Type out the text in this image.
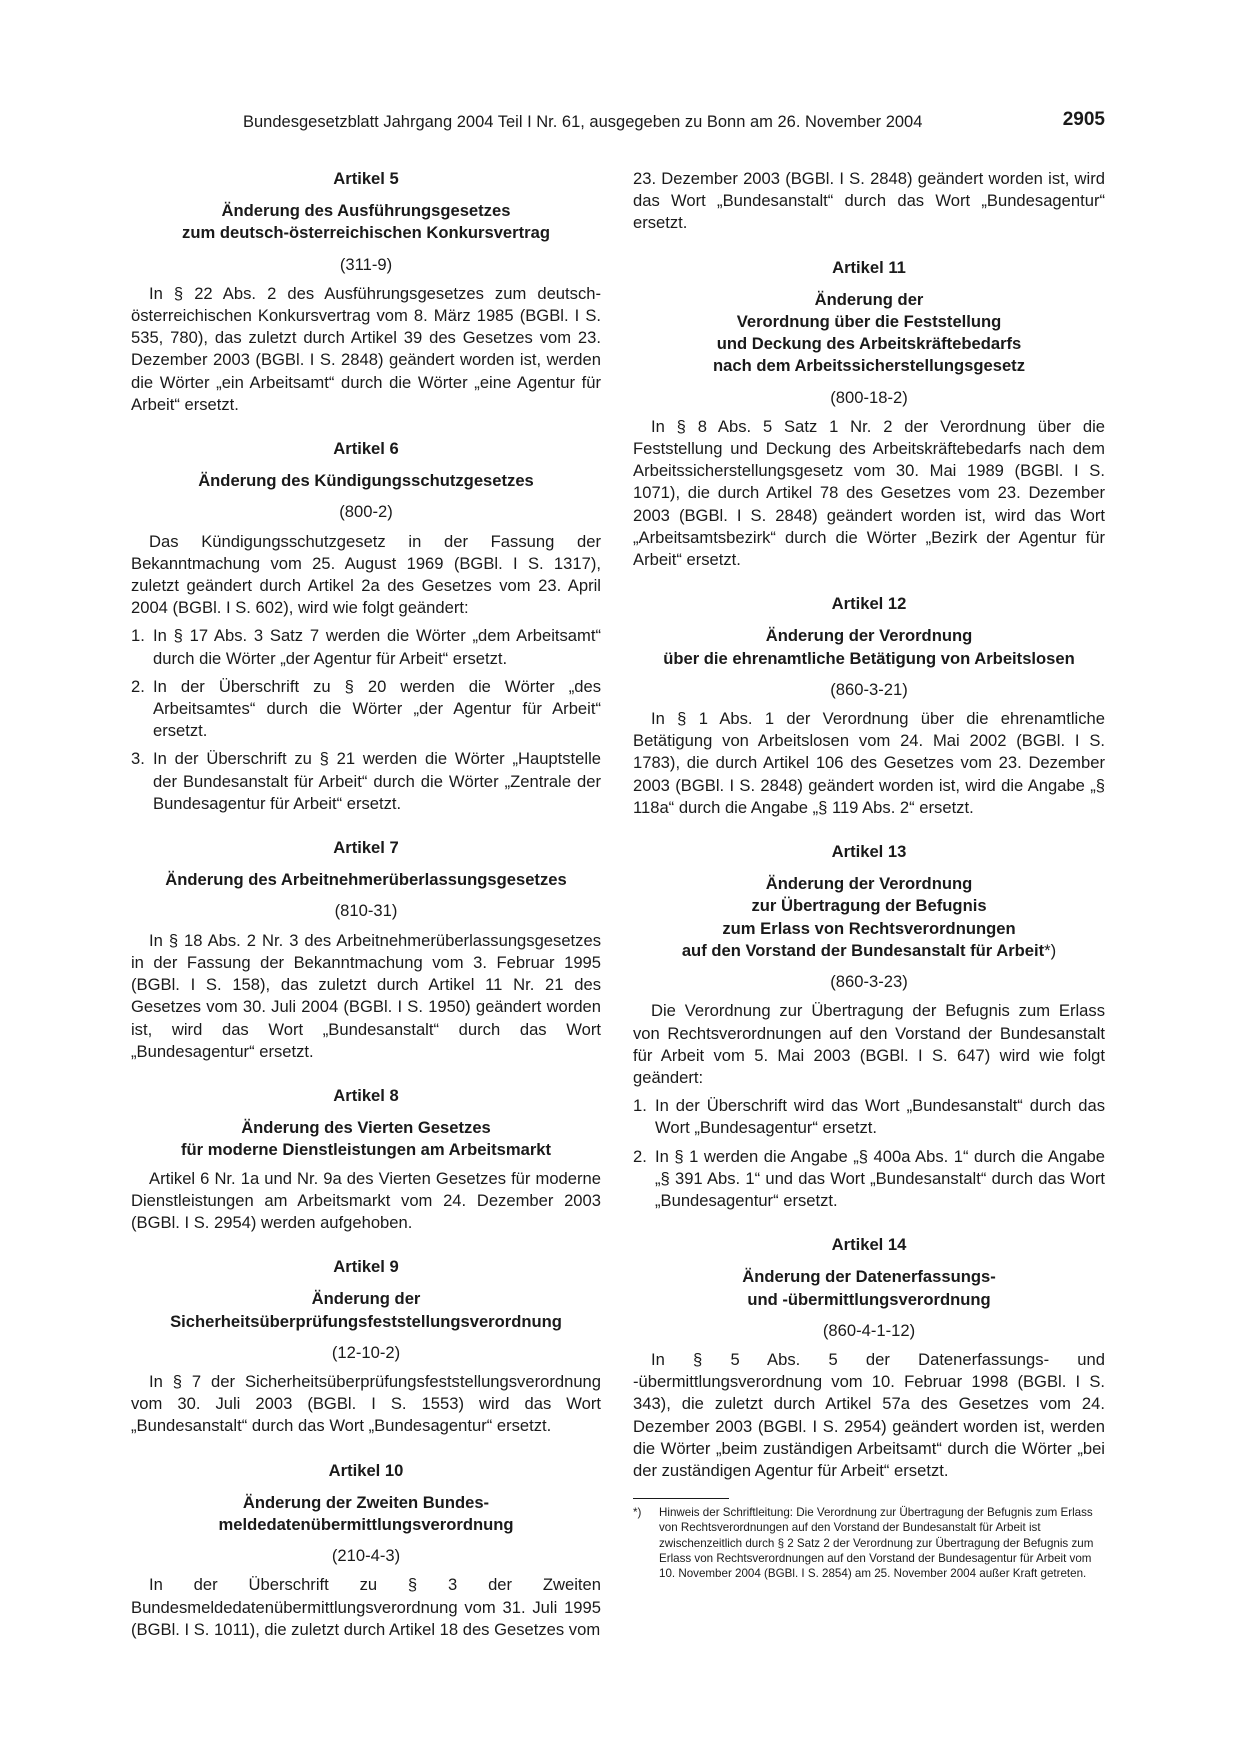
Bundesgesetzblatt Jahrgang 2004 Teil I Nr. 61, ausgegeben zu Bonn am 26. November 2004	2905
Artikel 5
Änderung des Ausführungsgesetzes
zum deutsch-österreichischen Konkursvertrag
(311-9)
In § 22 Abs. 2 des Ausführungsgesetzes zum deutsch-österreichischen Konkursvertrag vom 8. März 1985 (BGBl. I S. 535, 780), das zuletzt durch Artikel 39 des Gesetzes vom 23. Dezember 2003 (BGBl. I S. 2848) geändert worden ist, werden die Wörter „ein Arbeitsamt“ durch die Wörter „eine Agentur für Arbeit“ ersetzt.
Artikel 6
Änderung des Kündigungsschutzgesetzes
(800-2)
Das Kündigungsschutzgesetz in der Fassung der Bekanntmachung vom 25. August 1969 (BGBl. I S. 1317), zuletzt geändert durch Artikel 2a des Gesetzes vom 23. April 2004 (BGBl. I S. 602), wird wie folgt geändert:
1. In § 17 Abs. 3 Satz 7 werden die Wörter „dem Arbeitsamt“ durch die Wörter „der Agentur für Arbeit“ ersetzt.
2. In der Überschrift zu § 20 werden die Wörter „des Arbeitsamtes“ durch die Wörter „der Agentur für Arbeit“ ersetzt.
3. In der Überschrift zu § 21 werden die Wörter „Hauptstelle der Bundesanstalt für Arbeit“ durch die Wörter „Zentrale der Bundesagentur für Arbeit“ ersetzt.
Artikel 7
Änderung des Arbeitnehmerüberlassungsgesetzes
(810-31)
In § 18 Abs. 2 Nr. 3 des Arbeitnehmerüberlassungsgesetzes in der Fassung der Bekanntmachung vom 3. Februar 1995 (BGBl. I S. 158), das zuletzt durch Artikel 11 Nr. 21 des Gesetzes vom 30. Juli 2004 (BGBl. I S. 1950) geändert worden ist, wird das Wort „Bundesanstalt“ durch das Wort „Bundesagentur“ ersetzt.
Artikel 8
Änderung des Vierten Gesetzes
für moderne Dienstleistungen am Arbeitsmarkt
Artikel 6 Nr. 1a und Nr. 9a des Vierten Gesetzes für moderne Dienstleistungen am Arbeitsmarkt vom 24. Dezember 2003 (BGBl. I S. 2954) werden aufgehoben.
Artikel 9
Änderung der
Sicherheitsüberprüfungsfeststellungsverordnung
(12-10-2)
In § 7 der Sicherheitsüberprüfungsfeststellungsverordnung vom 30. Juli 2003 (BGBl. I S. 1553) wird das Wort „Bundesanstalt“ durch das Wort „Bundesagentur“ ersetzt.
Artikel 10
Änderung der Zweiten Bundes-
meldedatenübermittlungsverordnung
(210-4-3)
In der Überschrift zu § 3 der Zweiten Bundesmeldedatenübermittlungsverordnung vom 31. Juli 1995 (BGBl. I S. 1011), die zuletzt durch Artikel 18 des Gesetzes vom
23. Dezember 2003 (BGBl. I S. 2848) geändert worden ist, wird das Wort „Bundesanstalt“ durch das Wort „Bundesagentur“ ersetzt.
Artikel 11
Änderung der
Verordnung über die Feststellung
und Deckung des Arbeitskräftebedarfs
nach dem Arbeitssicherstellungsgesetz
(800-18-2)
In § 8 Abs. 5 Satz 1 Nr. 2 der Verordnung über die Feststellung und Deckung des Arbeitskräftebedarfs nach dem Arbeitssicherstellungsgesetz vom 30. Mai 1989 (BGBl. I S. 1071), die durch Artikel 78 des Gesetzes vom 23. Dezember 2003 (BGBl. I S. 2848) geändert worden ist, wird das Wort „Arbeitsamtsbezirk“ durch die Wörter „Bezirk der Agentur für Arbeit“ ersetzt.
Artikel 12
Änderung der Verordnung
über die ehrenamtliche Betätigung von Arbeitslosen
(860-3-21)
In § 1 Abs. 1 der Verordnung über die ehrenamtliche Betätigung von Arbeitslosen vom 24. Mai 2002 (BGBl. I S. 1783), die durch Artikel 106 des Gesetzes vom 23. Dezember 2003 (BGBl. I S. 2848) geändert worden ist, wird die Angabe „§ 118a“ durch die Angabe „§ 119 Abs. 2“ ersetzt.
Artikel 13
Änderung der Verordnung
zur Übertragung der Befugnis
zum Erlass von Rechtsverordnungen
auf den Vorstand der Bundesanstalt für Arbeit*)
(860-3-23)
Die Verordnung zur Übertragung der Befugnis zum Erlass von Rechtsverordnungen auf den Vorstand der Bundesanstalt für Arbeit vom 5. Mai 2003 (BGBl. I S. 647) wird wie folgt geändert:
1. In der Überschrift wird das Wort „Bundesanstalt“ durch das Wort „Bundesagentur“ ersetzt.
2. In § 1 werden die Angabe „§ 400a Abs. 1“ durch die Angabe „§ 391 Abs. 1“ und das Wort „Bundesanstalt“ durch das Wort „Bundesagentur“ ersetzt.
Artikel 14
Änderung der Datenerfassungs-
und -übermittlungsverordnung
(860-4-1-12)
In § 5 Abs. 5 der Datenerfassungs- und -übermittlungsverordnung vom 10. Februar 1998 (BGBl. I S. 343), die zuletzt durch Artikel 57a des Gesetzes vom 24. Dezember 2003 (BGBl. I S. 2954) geändert worden ist, werden die Wörter „beim zuständigen Arbeitsamt“ durch die Wörter „bei der zuständigen Agentur für Arbeit“ ersetzt.
*)	Hinweis der Schriftleitung: Die Verordnung zur Übertragung der Befugnis zum Erlass von Rechtsverordnungen auf den Vorstand der Bundesanstalt für Arbeit ist zwischenzeitlich durch § 2 Satz 2 der Verordnung zur Übertragung der Befugnis zum Erlass von Rechtsverordnungen auf den Vorstand der Bundesagentur für Arbeit vom 10. November 2004 (BGBl. I S. 2854) am 25. November 2004 außer Kraft getreten.
